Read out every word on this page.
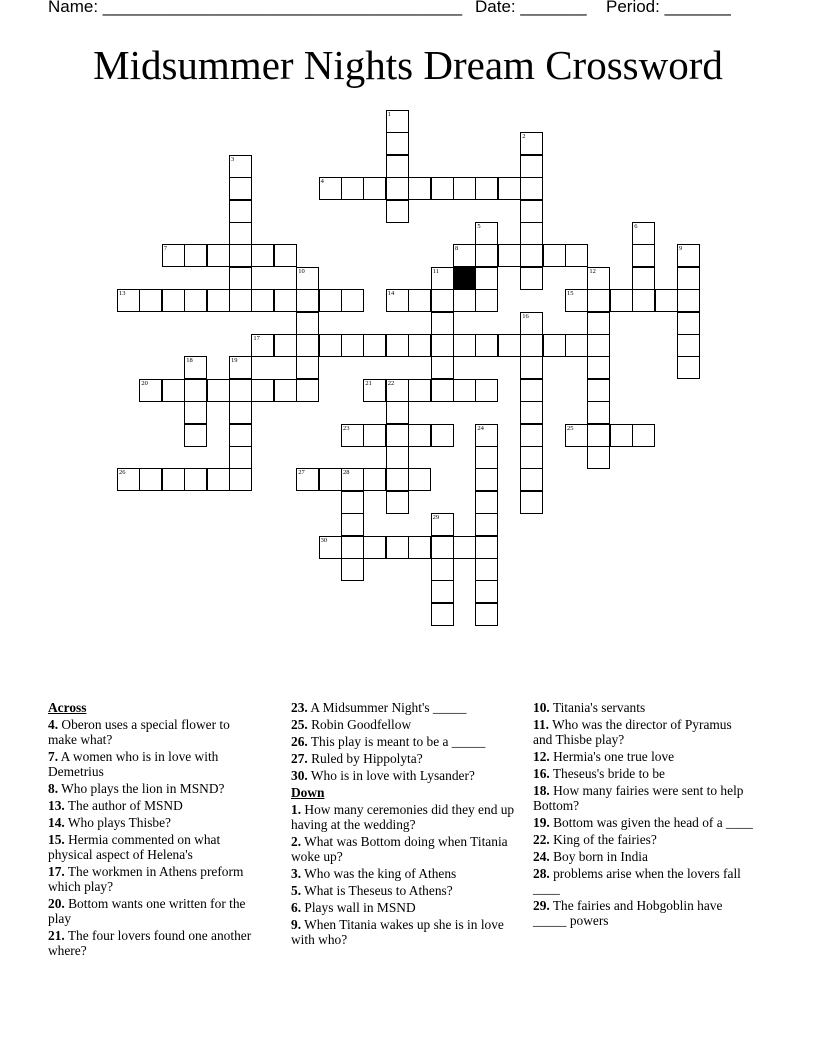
Name: ______________________________________ Date: _______ Period: _______
Midsummer Nights Dream Crossword
1
2
3
4
5	6
7	8	9
10	11	12
13	14	15
16
17
18	19
20	21 22
23	24	25
26	27	28
29
30
Across
4. Oberon uses a special flower to make what?
7. A women who is in love with Demetrius
8. Who plays the lion in MSND?
13. The author of MSND
14. Who plays Thisbe?
15. Hermia commented on what physical aspect of Helena's
17. The workmen in Athens preform which play?
20. Bottom wants one written for the play
21. The four lovers found one another where?
23. A Midsummer Night's _____
25. Robin Goodfellow
26. This play is meant to be a _____
27. Ruled by Hippolyta?
30. Who is in love with Lysander?
Down
1. How many ceremonies did they end up having at the wedding?
2. What was Bottom doing when Titania woke up?
3. Who was the king of Athens
5. What is Theseus to Athens?
6. Plays wall in MSND
9. When Titania wakes up she is in love with who?
10. Titania's servants
11. Who was the director of Pyramus and Thisbe play?
12. Hermia's one true love
16. Theseus's bride to be
18. How many fairies were sent to help Bottom?
19. Bottom was given the head of a ____
22. King of the fairies?
24. Boy born in India
28. problems arise when the lovers fall ____
29. The fairies and Hobgoblin have _____ powers
